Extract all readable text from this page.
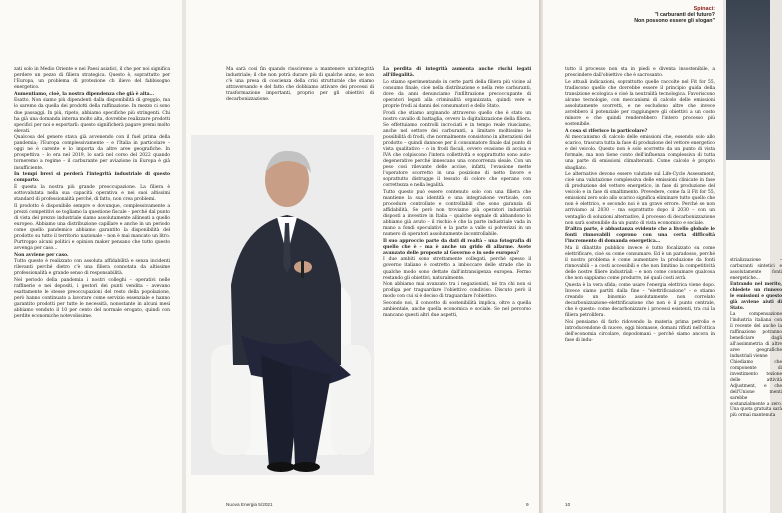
zati solo in Medio Oriente e nei Paesi asiatici, il che per noi significa perdere un pezzo di filiera strategica. Questo è, soprattutto per l'Europa, un problema di protezione ch ilievo del fabbisogno energetico.

Aumentiamo, cioè, la nostra dipendenza che già è alta...

Esatto. Non siamo più dipendenti dalla disponibilità di greggio, ma lo saremo da quella dei prodotti della raffinazione. In mezzo ci sono due passaggi. In più, ripeto, abbiamo specifiche più stringenti. Chi ha già una domanda interna molto alta, dovrebbe realizzare prodotti specifici per noi e esportarli: questo significherà pagare premi molto elevati.

Qualcosa del genere stava già avvenendo con il fuel prima della pandemia; l'Europa complessivamente – e l'Italia in particolare – oggi ne è carente e lo importa da altre aree geografiche. In prospettiva – lo era nel 2019, lo sarà nel corso del 2022 quando torneremo a regime – il carburante per aviazione in Europa è già insufficiente.

In tempi brevi si perderà l'integrità industriale di questo comparto.

È questa la nostra più grande preoccupazione. La filiera è sottovalutata nella sua capacità operativa e nei suoi altissimi standard di professionalità perché, di fatto, non crea problemi.

Il prodotto è disponibile sempre e dovunque, complessivamente a prezzi competitivi se togliamo la questione fiscale – perché dal punto di vista del prezzo industriale siamo assolutamente allineati a quello europeo. Abbiamo una distribuzione capillare e anche in un periodo come quello pandemico abbiamo garantito la disponibilità del prodotto su tutto il territorio nazionale – non è mai mancato un litro. Purtroppo alcuni politici e opinion maker pensano che tutto questo avvenga per caso...

Non avviene per caso.

Tutto questo è realizzato con assoluta affidabilità e senza incidenti rilevanti perché dietro c'è una filiera connotata da altissime professionalità e grande senso di responsabilità.

Nel periodo della pandemia i nostri colleghi – operativi nelle raffinerie e nei depositi, i gestori dei punti vendita – avevano esattamente le stesse preoccupazioni del resto della popolazione, però hanno continuato a lavorare come servizio essenziale e hanno garantito prodotti per tutte le necessità, nonostante in alcuni mesi abbiamo venduto il 10 per cento del normale erogato, quindi con perdite economiche notevolissime.

Ma sarà così fin quando riusciremo a mantenere un'integrità industriale; il che non potrà durare più di qualche anno, se non c'è una presa di coscienza della crisi strutturale che stiamo attraversando e del fatto che dobbiamo attivare dei processi di trasformazione importanti, proprio per gli obiettivi di decarbonizzazione.

La perdita di integrità aumenta anche rischi legati all'illegalità.

Lo stiamo sperimentando in certe parti della filiera più vicine al consumo finale, cioè nella distribuzione e nella rete carburanti, dove da anni denunciamo l'infiltrazione precoccupante di operatori legati alla criminalità organizzata, quindi vere e proprie frodi ai danni dei consumatori e dello Stato.

Frodi che stiamo arginando attraverso quello che è stato un nostro cavallo di battaglia, ovvero la digitalizzazione della filiera. Se effettuiamo controlli incrociati e in tempo reale riusciamo, anche nel settore dei carburanti, a limitare moltissimo le possibilità di frodi, che normalmente consistono in alterazioni del prodotto – quindi dannose per il consumatore finale dal punto di vista qualitativo – o in frodi fiscali, ovvero evasione di accisa e IVA che colpiscono l'intera collettività e sopprattutto sono auto-degenerative perché innescano una concorrenza sleale. Con un peso così rilevante delle accise, infatti, l'evasione mette l'operatore scorretto in una posizione di netto favore e soprattutto distrugge il tessuto di coloro che operano con correttezza e nella legalità.

Tutto questo può essere contenuto solo con una filiera che mantiene la sua identità e una integrazione verticale, con procedure controllate e controllabili che sono garanzia di affidabilità. Se però non troviamo più operatori industriali disposti a investire in Italia – qualche segnale di abbandono lo abbiamo già avuto – il rischio è che la parte industriale vada in mano a fondi speculativi e la parte a valle si polverizzi in un numero di operatori assolutamente incontrollabile.

Il suo approccio parte da dati di realtà – una fotografia di quello che è – ma è anche un grido di allarme. Avete avanzato delle proposte al Governo e in sede europea?

I due ambiti sono strettamente collegati, perché spesso il governo italiano è costretto a imboccare delle strade che in qualche modo sono dettate dall'intransigenza europea. Fermo restando gli obiettivi, naturalmente.

Non abbiamo mai avanzato tra i negazionisti, né tra chi non si prodiga per traguardare l'obiettivo condiviso. Discuto però il modo con cui si è deciso di traguardare l'obiettivo.

Secondo noi, il concetto di sostenibilità implica, oltre a quella ambientale, anche quella economica e sociale. Se nel percorso mancano questi altri due aspetti,

Nuova Energia 5/2021	9
Spinaci:
"I carburanti del futuro?
Non possono essere gli slogan"

tutto il processo non sta in piedi e diventa insostenibile, a prescindere dall'obiettivo che è sacrosanto.

Le attuali indicazioni, soprattutto quelle raccolte nel Fit for 55, tradiscono quello che dovrebbe essere il principio guida della transizione ecologica e cioè la neutralità tecnologica. Favoriscono alcune tecnologie, con meccanismi di calcolo delle emissioni assolutamente scorretti, e ne escludono altre che invece avrebbero il potenziale per raggiungere gli obiettivi a un costo minore e che quindi renderebbero l'intero processo più sostenibile.

A cosa si riferisce in particolare?

Al meccanismo di calcolo delle emissioni che, essendo solo allo scarico, trascura tutta la fase di produzione del vettore energetico e del veicolo. Questo non è solo scorretto da un punto di vista formale, ma non tiene conto dell'influenza complessiva di tutta una parte di emissioni climalteranti. Come calcolo è proprio sbagliato.

Le alternative devono essere valutate sul Life-Cycle Assessment, cioè una valutazione complessiva delle emissioni clinicate in fase di produzione del vettore energetico, in fase di produzione del veicolo e in fase di smaltimento. Prevedere, come fa il Fit for 55, emissioni zero solo allo scarico significa eliminare tutto quello che non è elettrico, e secondo noi è un grave errore. Perché se non arriviamo al 2030 – ma soprattutto dopo il 2030 – con un ventaglio di soluzioni alternative, il processo di decarbonizzazione non sarà sostenibile da un punto di vista economico e sociale.

D'altra parte, è abbastanza evidente che a livello globale le fonti rinnovabili coprono con una certa difficoltà l'incremento di domanda energetica...

Ma il dibattito pubblico invece è tutto focalizzato su come elettrificare, cioè su come consumare. Ed è un paradosso, perché il nostro problema è come aumentare la produzione da fonti rinnovabili – a costi accessibili e che non limitino la competitività delle nostre filiere industriali – e non come consumare qualcosa che non sappiamo come produrre, né quali costi avrà.

Questa è la vera sfida; come usare l'energia elettrica viene dopo. Invece siamo partiti dalla fine – "elettrificazione" – e stiamo creando un binomio assolutamente non correlato decarbonizzazione–elettrificazione che non è il punto centrale, che è questo: come decarbonizzare i processi esistenti, tra cui la filiera petrolifera.

Noi pensiamo di farlo ridovendo la materia prima petrolio e introducendone di nuove, oggi biomasse, domani rifiuti nell'ottica dell'economia circolare, dopodomani – perché siamo ancora in fase di indu-

10

strializzazione – carburanti sintetici e assolutamente fonti energetiche...

Entrando nel merito, chiedete un rinnovo le emissioni e questo già avviene aiuti di Stato.

La compensazione l'industria italiana con il recente del anche la raffinazione potranno beneficiare dagli all'assimmetria di altre aree geografiche industriali vienne

Chiediamo che componente di investimento tezione delle attività Adjustment, e che dell'Unione menti sarebbe sostanzialmente a zero. Una quota gratuita sarà più ormai mantenuta
